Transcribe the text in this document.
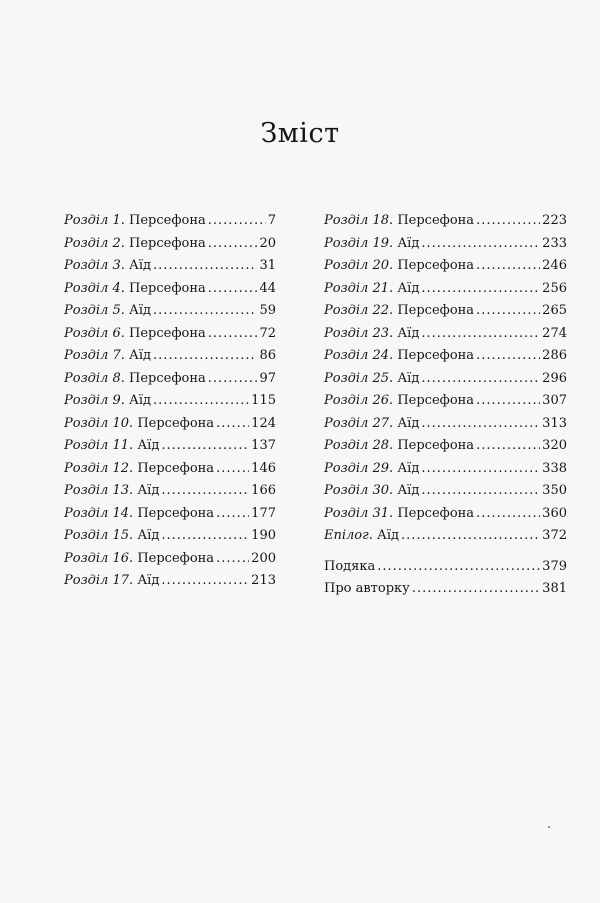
Зміст
Розділ 1. Персефона .....	7
Розділ 2. Персефона .....	20
Розділ 3. Аїд .....	31
Розділ 4. Персефона .....	44
Розділ 5. Аїд .....	59
Розділ 6. Персефона .....	72
Розділ 7. Аїд .....	86
Розділ 8. Персефона .....	97
Розділ 9. Аїд .....	115
Розділ 10. Персефона .....	124
Розділ 11. Аїд .....	137
Розділ 12. Персефона .....	146
Розділ 13. Аїд .....	166
Розділ 14. Персефона .....	177
Розділ 15. Аїд .....	190
Розділ 16. Персефона .....	200
Розділ 17. Аїд .....	213
Розділ 18. Персефона .....	223
Розділ 19. Аїд .....	233
Розділ 20. Персефона .....	246
Розділ 21. Аїд .....	256
Розділ 22. Персефона .....	265
Розділ 23. Аїд .....	274
Розділ 24. Персефона .....	286
Розділ 25. Аїд .....	296
Розділ 26. Персефона .....	307
Розділ 27. Аїд .....	313
Розділ 28. Персефона .....	320
Розділ 29. Аїд .....	338
Розділ 30. Аїд .....	350
Розділ 31. Персефона .....	360
Епілог. Аїд .....	372
Подяка .....	379
Про авторку .....	381
